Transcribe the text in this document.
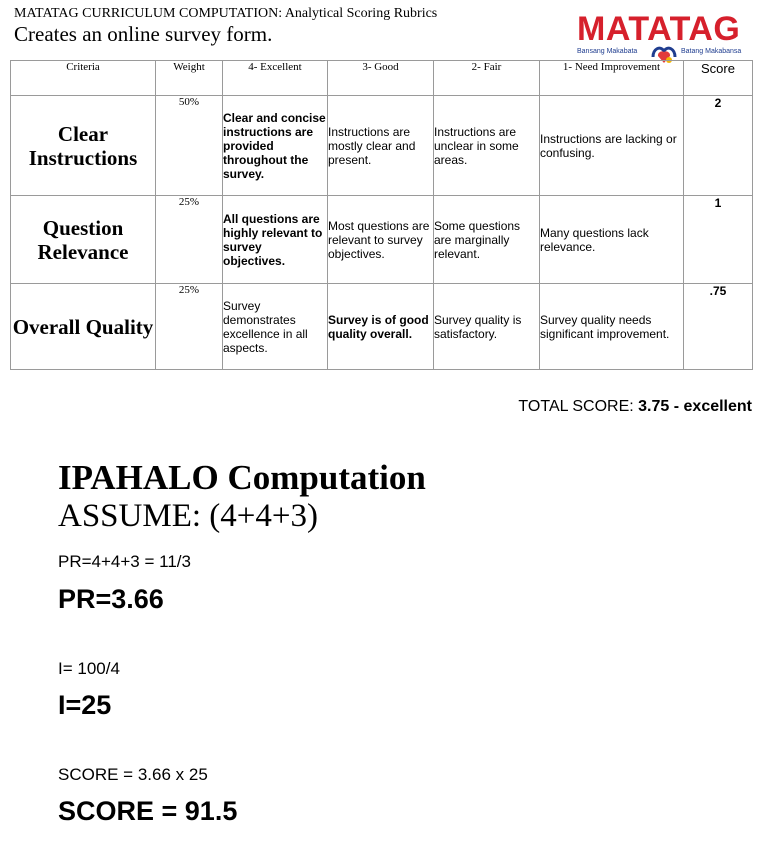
MATATAG CURRICULUM COMPUTATION: Analytical Scoring Rubrics
Creates an online survey form.	MATATAG
Bansang Makabata	Batang Makabansa
Criteria	Weight	4- Excellent	3- Good	2- Fair	1- Need Improvement	Score
Clear Instructions	50%	Clear and concise instructions are provided throughout the survey.	Instructions are mostly clear and present.	Instructions are unclear in some areas.	Instructions are lacking or confusing.	2
Question Relevance	25%	All questions are highly relevant to survey objectives.	Most questions are relevant to survey objectives.	Some questions are marginally relevant.	Many questions lack relevance.	1
Overall Quality	25%	Survey demonstrates excellence in all aspects.	Survey is of good quality overall.	Survey quality is satisfactory.	Survey quality needs significant improvement.	.75
TOTAL SCORE: 3.75 - excellent
IPAHALO Computation
ASSUME: (4+4+3)
PR=4+4+3 = 11/3
PR=3.66
I= 100/4
I=25
SCORE = 3.66 x 25
SCORE = 91.5
